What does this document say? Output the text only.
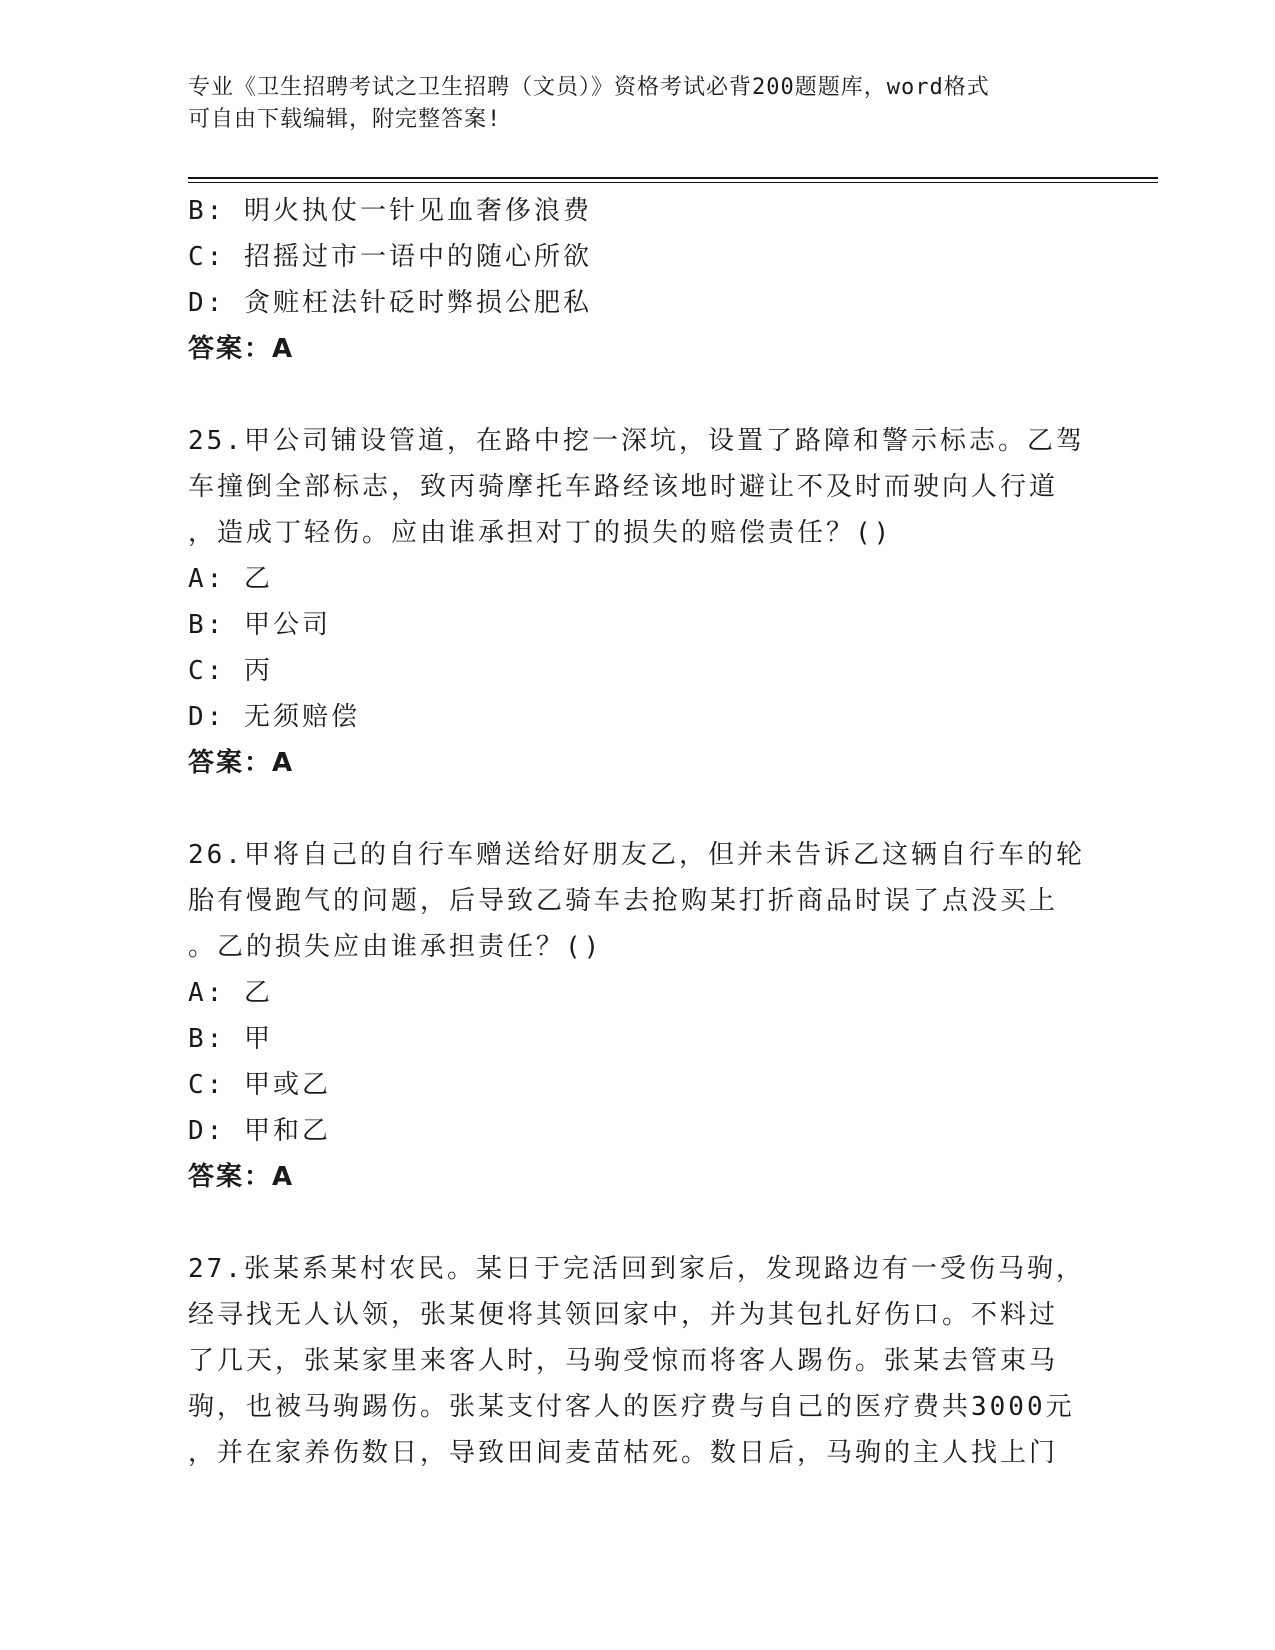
专业《卫生招聘考试之卫生招聘（文员）》资格考试必背200题题库，word格式
可自由下载编辑，附完整答案!
B: 明火执仗一针见血奢侈浪费
C: 招摇过市一语中的随心所欲
D: 贪赃枉法针砭时弊损公肥私
答案：A
25.甲公司铺设管道，在路中挖一深坑，设置了路障和警示标志。乙驾
车撞倒全部标志，致丙骑摩托车路经该地时避让不及时而驶向人行道
，造成丁轻伤。应由谁承担对丁的损失的赔偿责任？()
A: 乙
B: 甲公司
C: 丙
D: 无须赔偿
答案：A
26.甲将自己的自行车赠送给好朋友乙，但并未告诉乙这辆自行车的轮
胎有慢跑气的问题，后导致乙骑车去抢购某打折商品时误了点没买上
。乙的损失应由谁承担责任？()
A: 乙
B: 甲
C: 甲或乙
D: 甲和乙
答案：A
27.张某系某村农民。某日于完活回到家后，发现路边有一受伤马驹，
经寻找无人认领，张某便将其领回家中，并为其包扎好伤口。不料过
了几天，张某家里来客人时，马驹受惊而将客人踢伤。张某去管束马
驹，也被马驹踢伤。张某支付客人的医疗费与自己的医疗费共3000元
，并在家养伤数日，导致田间麦苗枯死。数日后，马驹的主人找上门
